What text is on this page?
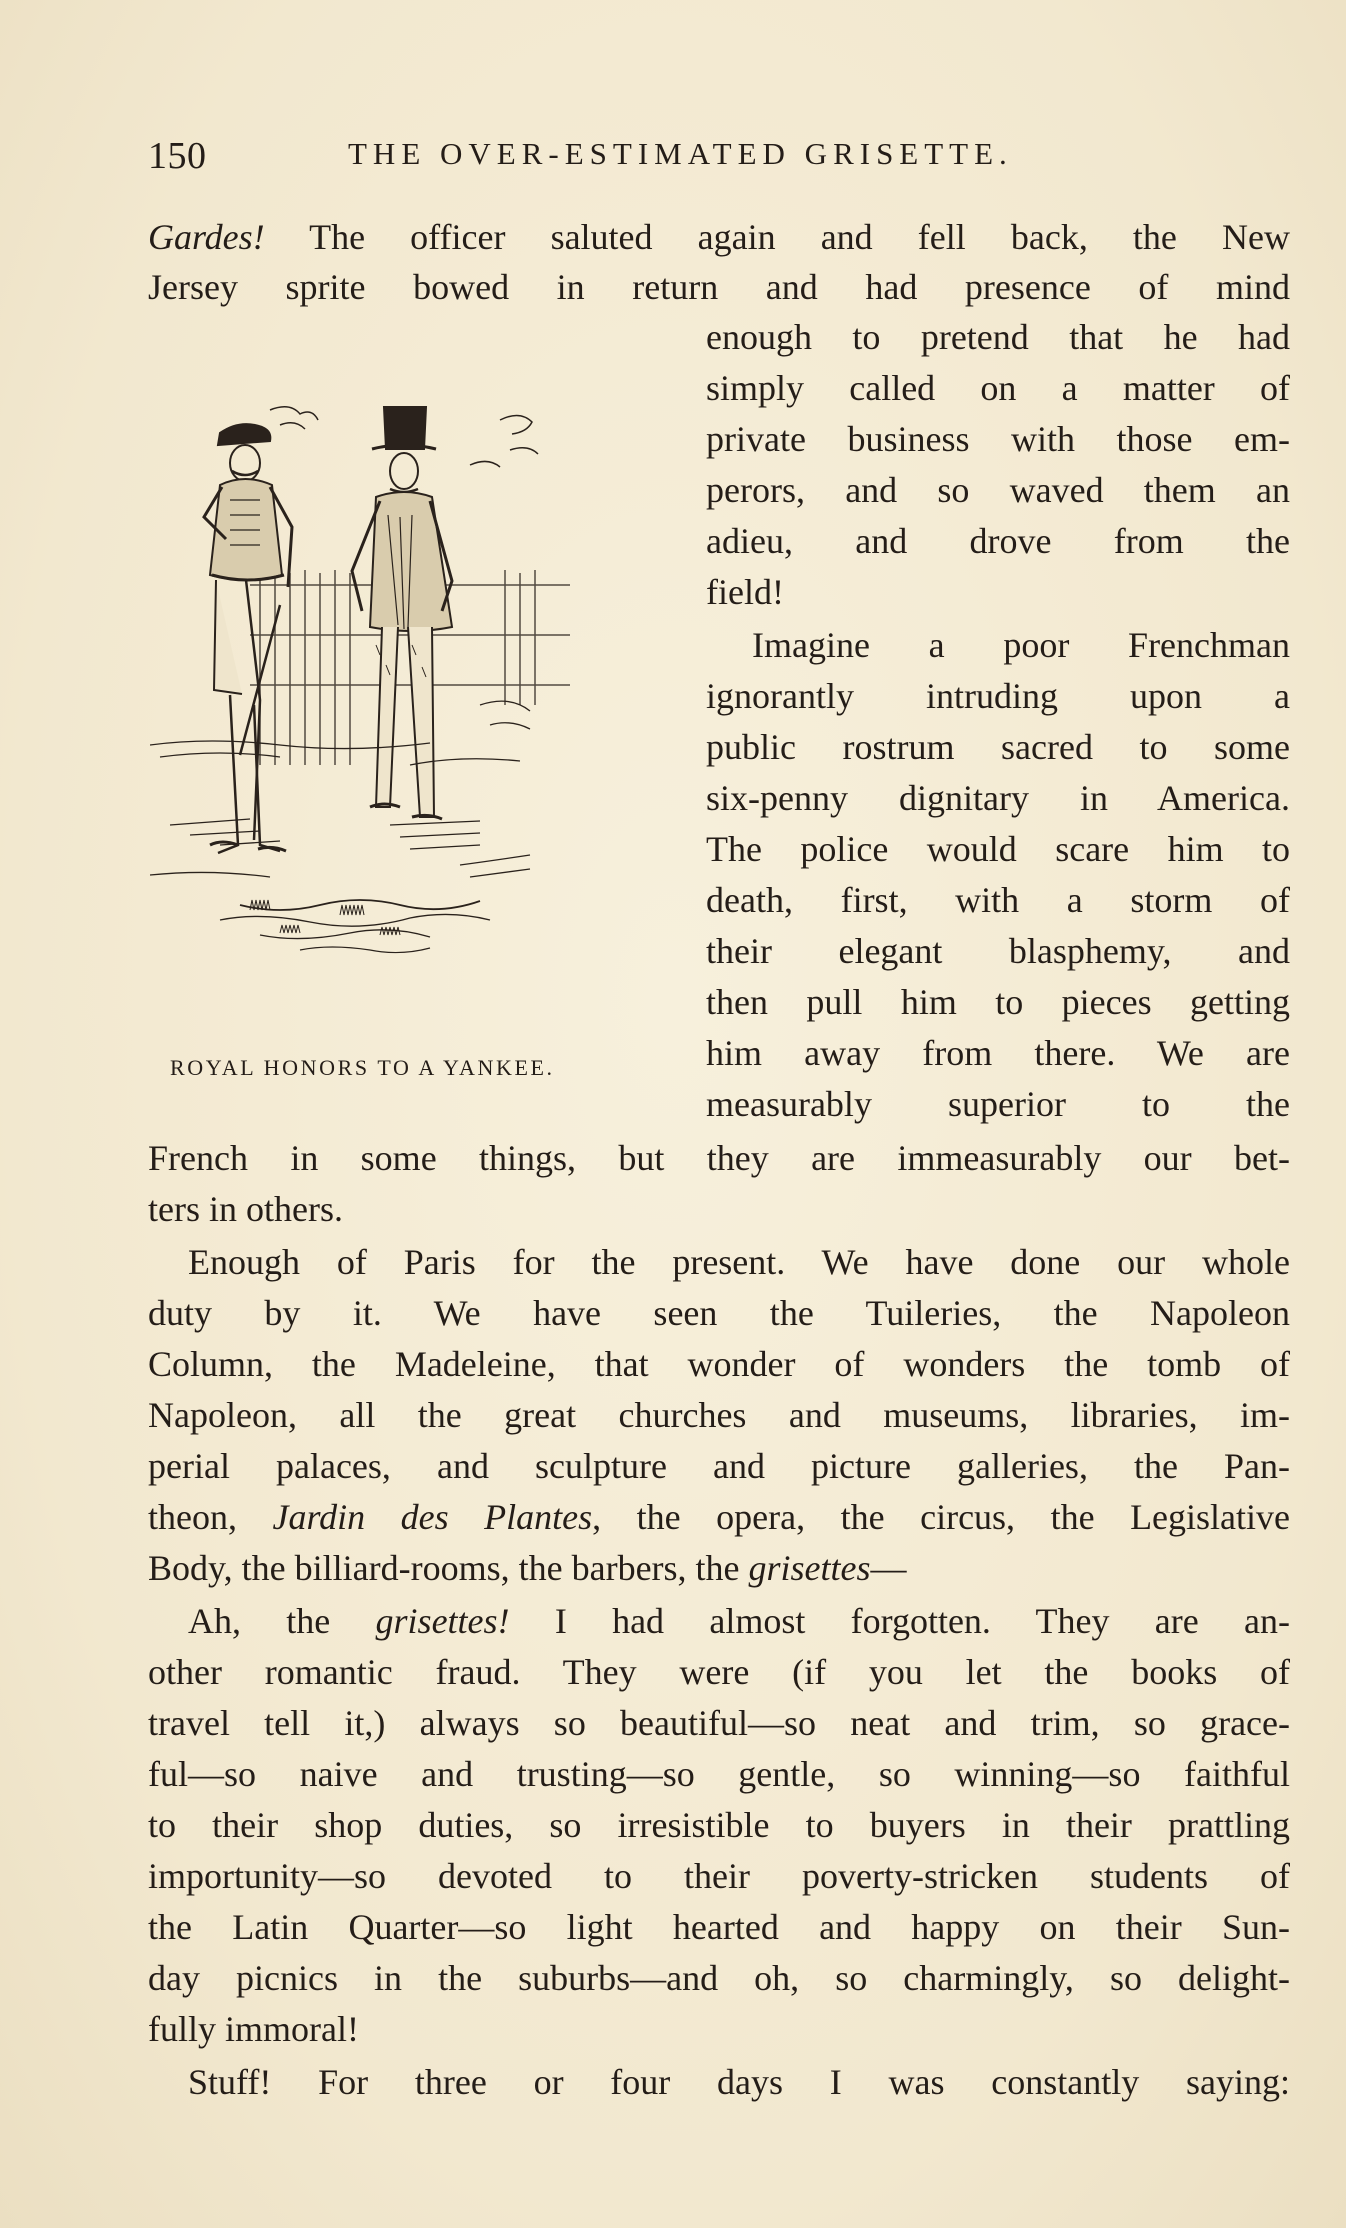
150	THE OVER-ESTIMATED GRISETTE.
Gardes! The officer saluted again and fell back, the New
Jersey sprite bowed in return and had presence of mind
enough to pretend that he had
simply called on a matter of
private business with those em-
perors, and so waved them an
adieu, and drove from the
field!
Imagine a poor Frenchman
ignorantly intruding upon a
public rostrum sacred to some
six-penny dignitary in America.
The police would scare him to
death, first, with a storm of
their elegant blasphemy, and
then pull him to pieces getting
him away from there. We are
measurably superior to the
French in some things, but they are immeasurably our bet-
ters in others.
Enough of Paris for the present. We have done our whole
duty by it. We have seen the Tuileries, the Napoleon
Column, the Madeleine, that wonder of wonders the tomb of
Napoleon, all the great churches and museums, libraries, im-
perial palaces, and sculpture and picture galleries, the Pan-
theon, Jardin des Plantes, the opera, the circus, the Legislative
Body, the billiard-rooms, the barbers, the grisettes—
Ah, the grisettes! I had almost forgotten. They are an-
other romantic fraud. They were (if you let the books of
travel tell it,) always so beautiful—so neat and trim, so grace-
ful—so naive and trusting—so gentle, so winning—so faithful
to their shop duties, so irresistible to buyers in their prattling
importunity—so devoted to their poverty-stricken students of
the Latin Quarter—so light hearted and happy on their Sun-
day picnics in the suburbs—and oh, so charmingly, so delight-
fully immoral!
Stuff! For three or four days I was constantly saying:
ROYAL HONORS TO A YANKEE.
